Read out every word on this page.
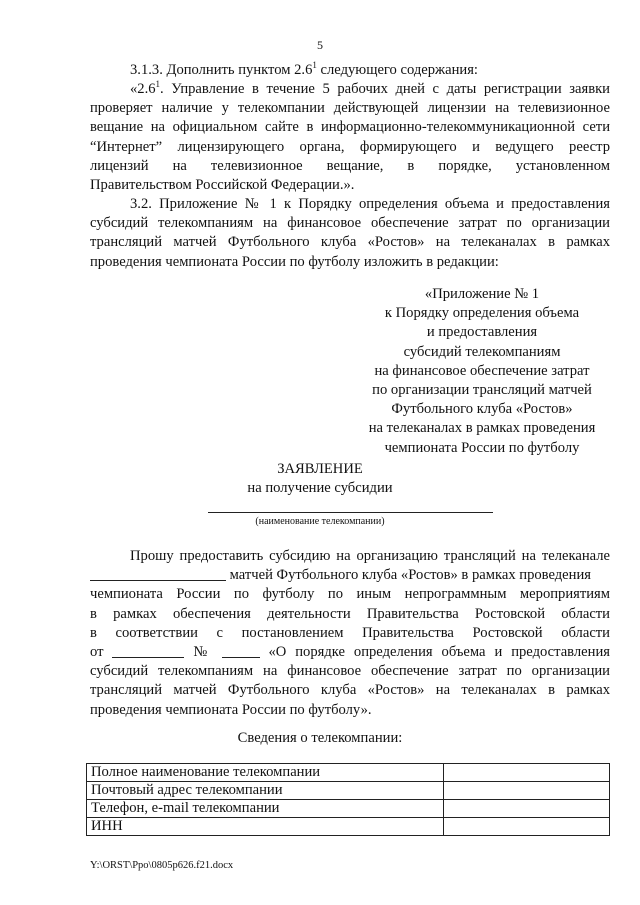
5
3.1.3. Дополнить пунктом $2.6^1$ следующего содержания:
«$2.6^1$. Управление в течение 5 рабочих дней с даты регистрации заявки
проверяет наличие у телекомпании действующей лицензии на телевизионное
вещание на официальном сайте в информационно-телекоммуникационной сети
“Интернет” лицензирующего органа, формирующего и ведущего реестр
лицензий на телевизионное вещание, в порядке, установленном
Правительством Российской Федерации.».
3.2. Приложение № 1 к Порядку определения объема и предоставления
субсидий телекомпаниям на финансовое обеспечение затрат по организации
трансляций матчей Футбольного клуба «Ростов» на телеканалах в рамках
проведения чемпионата России по футболу изложить в редакции:
«Приложение № 1
к Порядку определения объема
и предоставления
субсидий телекомпаниям
на финансовое обеспечение затрат
по организации трансляций матчей
Футбольного клуба «Ростов»
на телеканалах в рамках проведения
чемпионата России по футболу
ЗАЯВЛЕНИЕ
на получение субсидии
(наименование телекомпании)
Прошу предоставить субсидию на организацию трансляций на телеканале
матчей Футбольного клуба «Ростов» в рамках проведения
чемпионата России по футболу по иным непрограммным мероприятиям
в рамках обеспечения деятельности Правительства Ростовской области
в соответствии с постановлением Правительства Ростовской области
от	№	«О порядке определения объема и предоставления
субсидий телекомпаниям на финансовое обеспечение затрат по организации
трансляций матчей Футбольного клуба «Ростов» на телеканалах в рамках
проведения чемпионата России по футболу».
Сведения о телекомпании:
Полное наименование телекомпании	
Почтовый адрес телекомпании	
Телефон, e-mail телекомпании	
ИНН	
Y:\ORST\Ppo\0805p626.f21.docx
